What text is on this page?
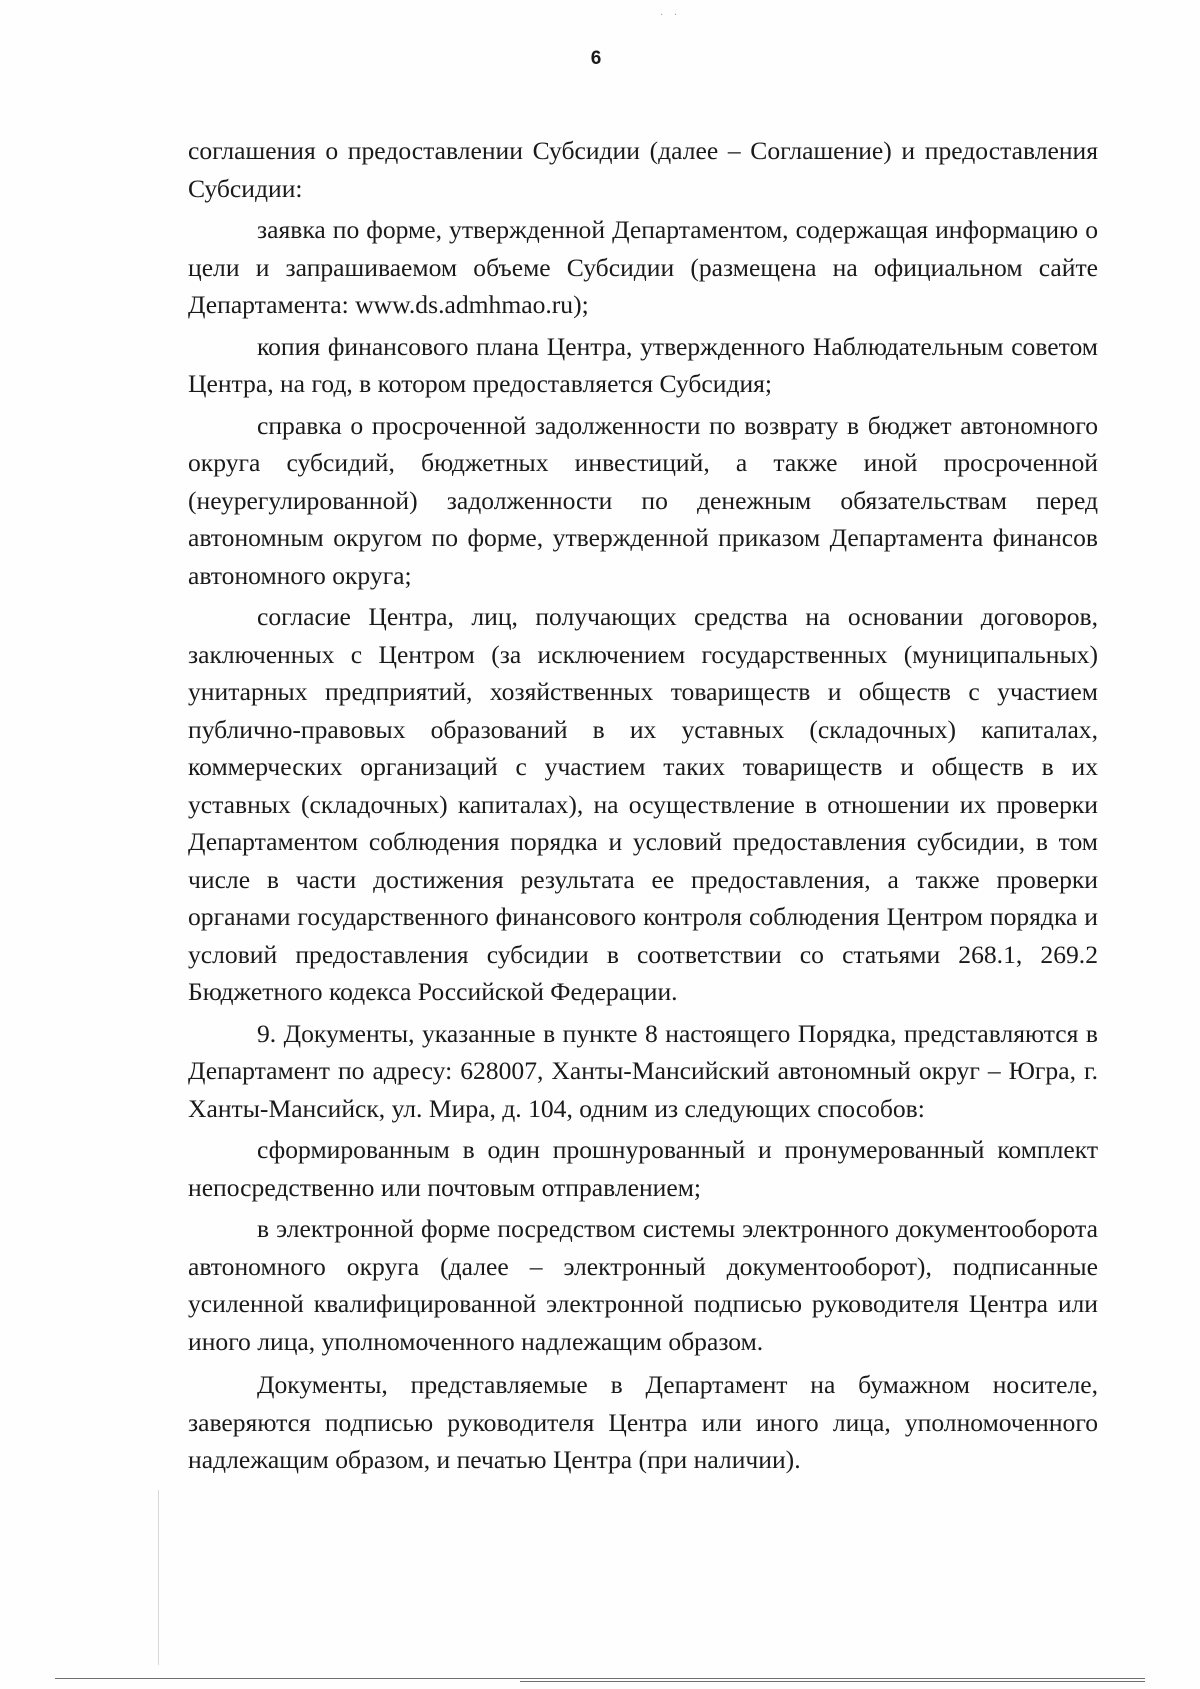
· ·
6

соглашения о предоставлении Субсидии (далее – Соглашение) и предоставления Субсидии:

заявка по форме, утвержденной Департаментом, содержащая информацию о цели и запрашиваемом объеме Субсидии (размещена на официальном сайте Департамента: www.ds.admhmao.ru);

копия финансового плана Центра, утвержденного Наблюдательным советом Центра, на год, в котором предоставляется Субсидия;

справка о просроченной задолженности по возврату в бюджет автономного округа субсидий, бюджетных инвестиций, а также иной просроченной (неурегулированной) задолженности по денежным обязательствам перед автономным округом по форме, утвержденной приказом Департамента финансов автономного округа;

согласие Центра, лиц, получающих средства на основании договоров, заключенных с Центром (за исключением государственных (муниципальных) унитарных предприятий, хозяйственных товариществ и обществ с участием публично-правовых образований в их уставных (складочных) капиталах, коммерческих организаций с участием таких товариществ и обществ в их уставных (складочных) капиталах), на осуществление в отношении их проверки Департаментом соблюдения порядка и условий предоставления субсидии, в том числе в части достижения результата ее предоставления, а также проверки органами государственного финансового контроля соблюдения Центром порядка и условий предоставления субсидии в соответствии со статьями 268.1, 269.2 Бюджетного кодекса Российской Федерации.

9. Документы, указанные в пункте 8 настоящего Порядка, представляются в Департамент по адресу: 628007, Ханты-Мансийский автономный округ – Югра, г. Ханты-Мансийск, ул. Мира, д. 104, одним из следующих способов:

сформированным в один прошнурованный и пронумерованный комплект непосредственно или почтовым отправлением;

в электронной форме посредством системы электронного документооборота автономного округа (далее – электронный документооборот), подписанные усиленной квалифицированной электронной подписью руководителя Центра или иного лица, уполномоченного надлежащим образом.

Документы, представляемые в Департамент на бумажном носителе, заверяются подписью руководителя Центра или иного лица, уполномоченного надлежащим образом, и печатью Центра (при наличии).
